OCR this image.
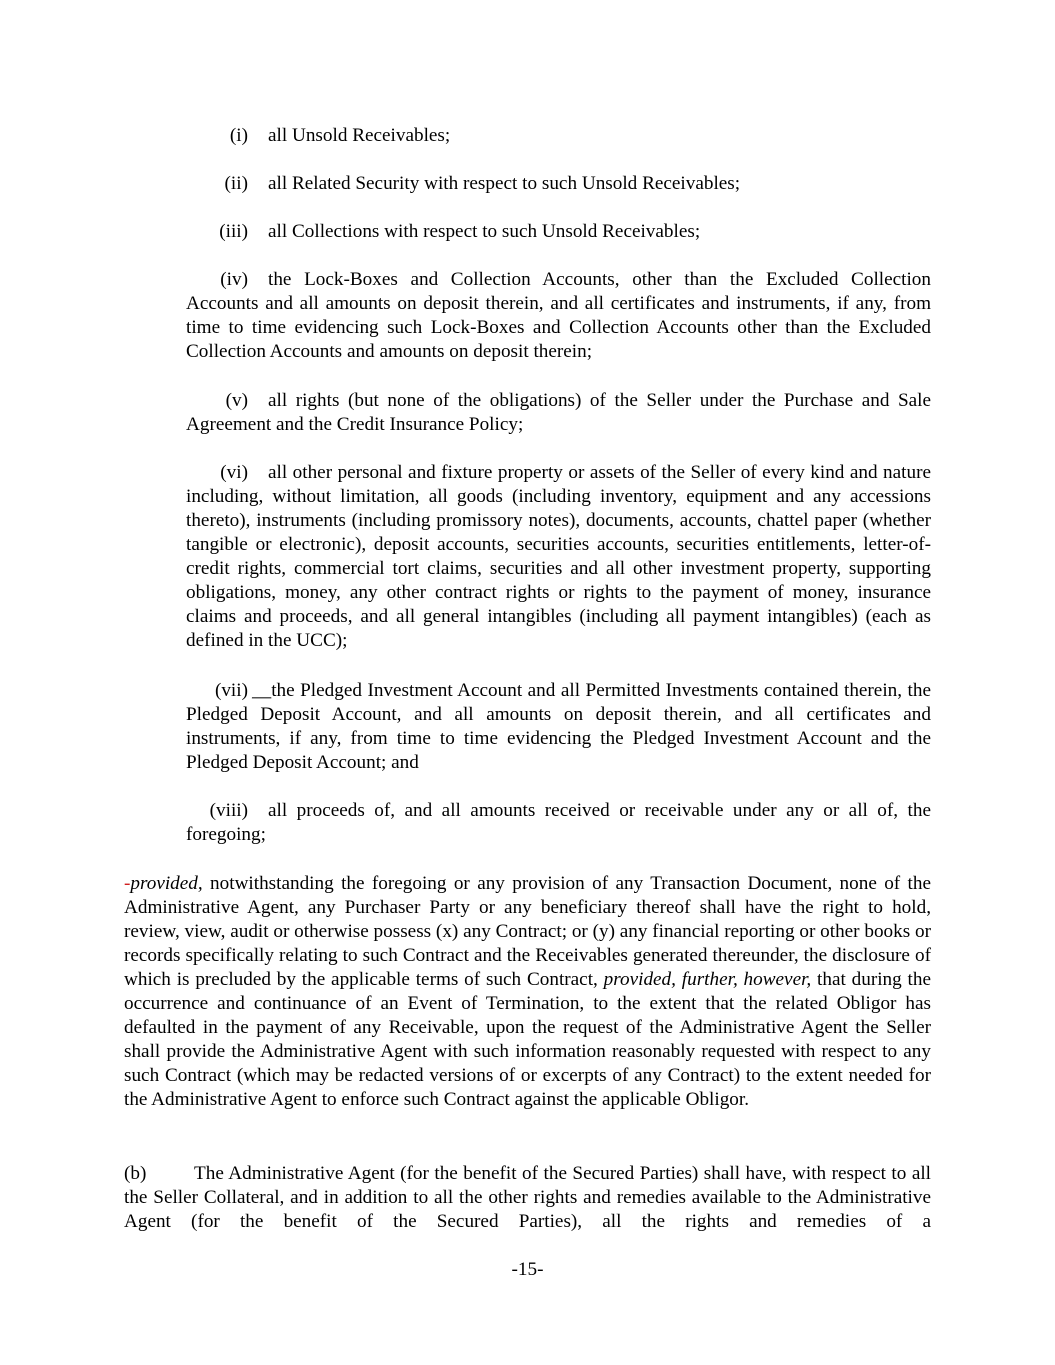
(i) all Unsold Receivables;

(ii) all Related Security with respect to such Unsold Receivables;

(iii) all Collections with respect to such Unsold Receivables;

(iv) the Lock-Boxes and Collection Accounts, other than the Excluded Collection Accounts and all amounts on deposit therein, and all certificates and instruments, if any, from time to time evidencing such Lock-Boxes and Collection Accounts other than the Excluded Collection Accounts and amounts on deposit therein;

(v) all rights (but none of the obligations) of the Seller under the Purchase and Sale Agreement and the Credit Insurance Policy;

(vi) all other personal and fixture property or assets of the Seller of every kind and nature including, without limitation, all goods (including inventory, equipment and any accessions thereto), instruments (including promissory notes), documents, accounts, chattel paper (whether tangible or electronic), deposit accounts, securities accounts, securities entitlements, letter-of-credit rights, commercial tort claims, securities and all other investment property, supporting obligations, money, any other contract rights or rights to the payment of money, insurance claims and proceeds, and all general intangibles (including all payment intangibles) (each as defined in the UCC);

(vii) __the Pledged Investment Account and all Permitted Investments contained therein, the Pledged Deposit Account, and all amounts on deposit therein, and all certificates and instruments, if any, from time to time evidencing the Pledged Investment Account and the Pledged Deposit Account; and

(viii) all proceeds of, and all amounts received or receivable under any or all of, the foregoing;

-provided, notwithstanding the foregoing or any provision of any Transaction Document, none of the Administrative Agent, any Purchaser Party or any beneficiary thereof shall have the right to hold, review, view, audit or otherwise possess (x) any Contract; or (y) any financial reporting or other books or records specifically relating to such Contract and the Receivables generated thereunder, the disclosure of which is precluded by the applicable terms of such Contract, provided, further, however, that during the occurrence and continuance of an Event of Termination, to the extent that the related Obligor has defaulted in the payment of any Receivable, upon the request of the Administrative Agent the Seller shall provide the Administrative Agent with such information reasonably requested with respect to any such Contract (which may be redacted versions of or excerpts of any Contract) to the extent needed for the Administrative Agent to enforce such Contract against the applicable Obligor.

(b) The Administrative Agent (for the benefit of the Secured Parties) shall have, with respect to all the Seller Collateral, and in addition to all the other rights and remedies available to the Administrative Agent (for the benefit of the Secured Parties), all the rights and remedies of a

-15-
